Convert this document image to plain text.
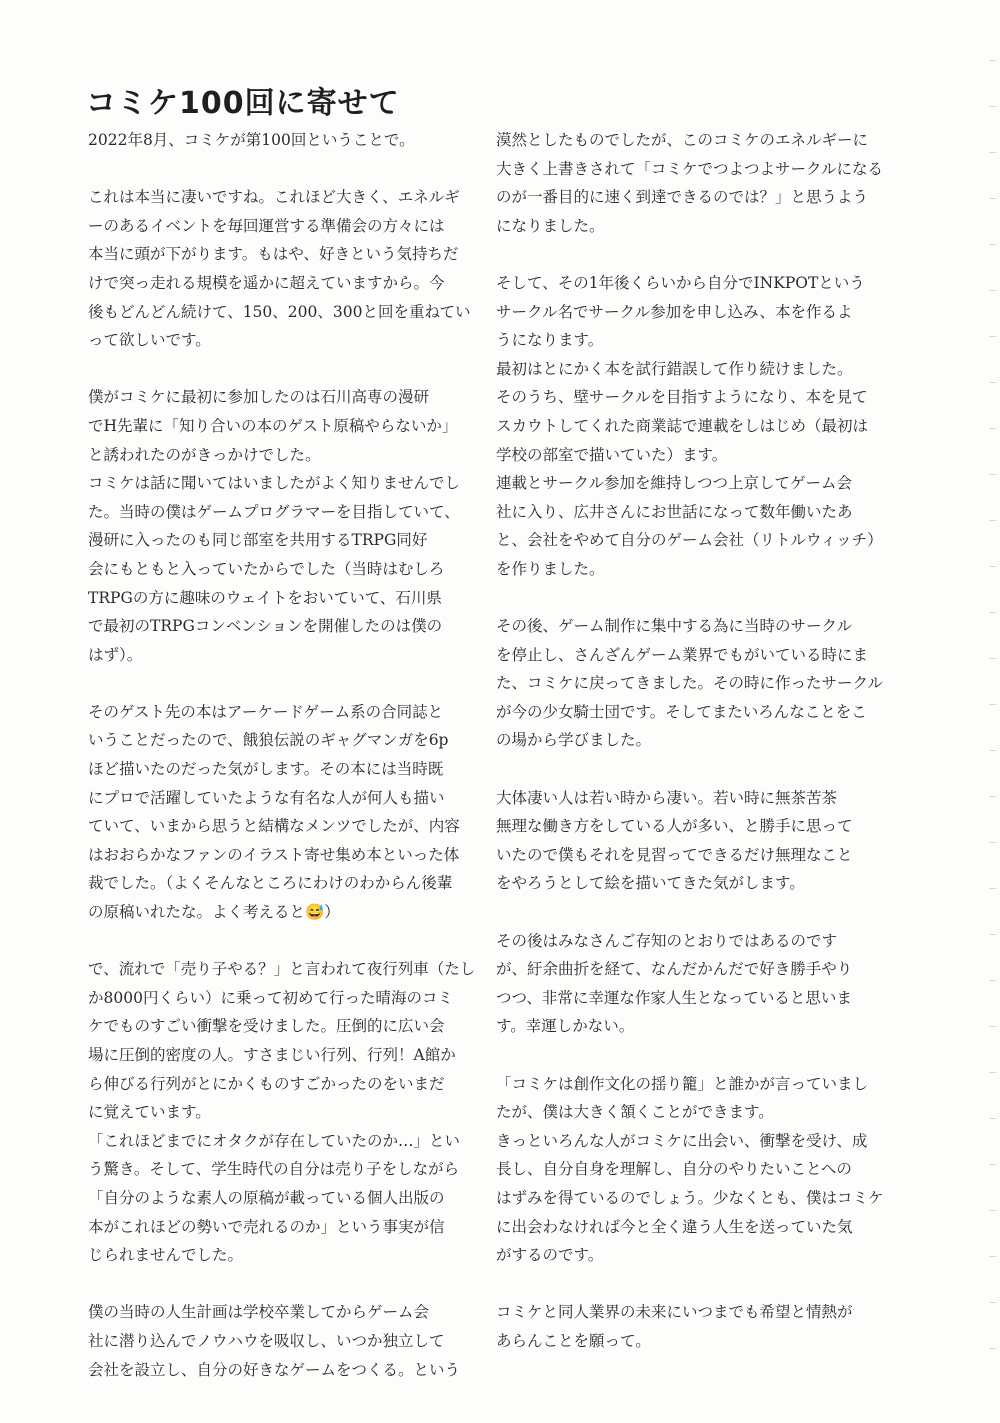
コミケ100回に寄せて
2022年8月、コミケが第100回ということで。
これは本当に凄いですね。これほど大きく、エネルギ
ーのあるイベントを毎回運営する準備会の方々には
本当に頭が下がります。もはや、好きという気持ちだ
けで突っ走れる規模を遥かに超えていますから。今
後もどんどん続けて、150、200、300と回を重ねてい
って欲しいです。
僕がコミケに最初に参加したのは石川高専の漫研
でH先輩に「知り合いの本のゲスト原稿やらないか」
と誘われたのがきっかけでした。
コミケは話に聞いてはいましたがよく知りませんでし
た。当時の僕はゲームプログラマーを目指していて、
漫研に入ったのも同じ部室を共用するTRPG同好
会にもともと入っていたからでした（当時はむしろ
TRPGの方に趣味のウェイトをおいていて、石川県
で最初のTRPGコンベンションを開催したのは僕の
はず）。
そのゲスト先の本はアーケードゲーム系の合同誌と
いうことだったので、餓狼伝説のギャグマンガを6p
ほど描いたのだった気がします。その本には当時既
にプロで活躍していたような有名な人が何人も描い
ていて、いまから思うと結構なメンツでしたが、内容
はおおらかなファンのイラスト寄せ集め本といった体
裁でした。（よくそんなところにわけのわからん後輩
の原稿いれたな。よく考えると😅）
で、流れで「売り子やる？」と言われて夜行列車（たし
か8000円くらい）に乗って初めて行った晴海のコミ
ケでものすごい衝撃を受けました。圧倒的に広い会
場に圧倒的密度の人。すさまじい行列、行列！A館か
ら伸びる行列がとにかくものすごかったのをいまだ
に覚えています。
「これほどまでにオタクが存在していたのか…」とい
う驚き。そして、学生時代の自分は売り子をしながら
「自分のような素人の原稿が載っている個人出版の
本がこれほどの勢いで売れるのか」という事実が信
じられませんでした。
僕の当時の人生計画は学校卒業してからゲーム会
社に潜り込んでノウハウを吸収し、いつか独立して
会社を設立し、自分の好きなゲームをつくる。という
漠然としたものでしたが、このコミケのエネルギーに
大きく上書きされて「コミケでつよつよサークルになる
のが一番目的に速く到達できるのでは？」と思うよう
になりました。
そして、その1年後くらいから自分でINKPOTという
サークル名でサークル参加を申し込み、本を作るよ
うになります。
最初はとにかく本を試行錯誤して作り続けました。
そのうち、壁サークルを目指すようになり、本を見て
スカウトしてくれた商業誌で連載をしはじめ（最初は
学校の部室で描いていた）ます。
連載とサークル参加を維持しつつ上京してゲーム会
社に入り、広井さんにお世話になって数年働いたあ
と、会社をやめて自分のゲーム会社（リトルウィッチ）
を作りました。
その後、ゲーム制作に集中する為に当時のサークル
を停止し、さんざんゲーム業界でもがいている時にま
た、コミケに戻ってきました。その時に作ったサークル
が今の少女騎士団です。そしてまたいろんなことをこ
の場から学びました。
大体凄い人は若い時から凄い。若い時に無茶苦茶
無理な働き方をしている人が多い、と勝手に思って
いたので僕もそれを見習ってできるだけ無理なこと
をやろうとして絵を描いてきた気がします。
その後はみなさんご存知のとおりではあるのです
が、紆余曲折を経て、なんだかんだで好き勝手やり
つつ、非常に幸運な作家人生となっていると思いま
す。幸運しかない。
「コミケは創作文化の揺り籠」と誰かが言っていまし
たが、僕は大きく頷くことができます。
きっといろんな人がコミケに出会い、衝撃を受け、成
長し、自分自身を理解し、自分のやりたいことへの
はずみを得ているのでしょう。少なくとも、僕はコミケ
に出会わなければ今と全く違う人生を送っていた気
がするのです。
コミケと同人業界の未来にいつまでも希望と情熱が
あらんことを願って。
